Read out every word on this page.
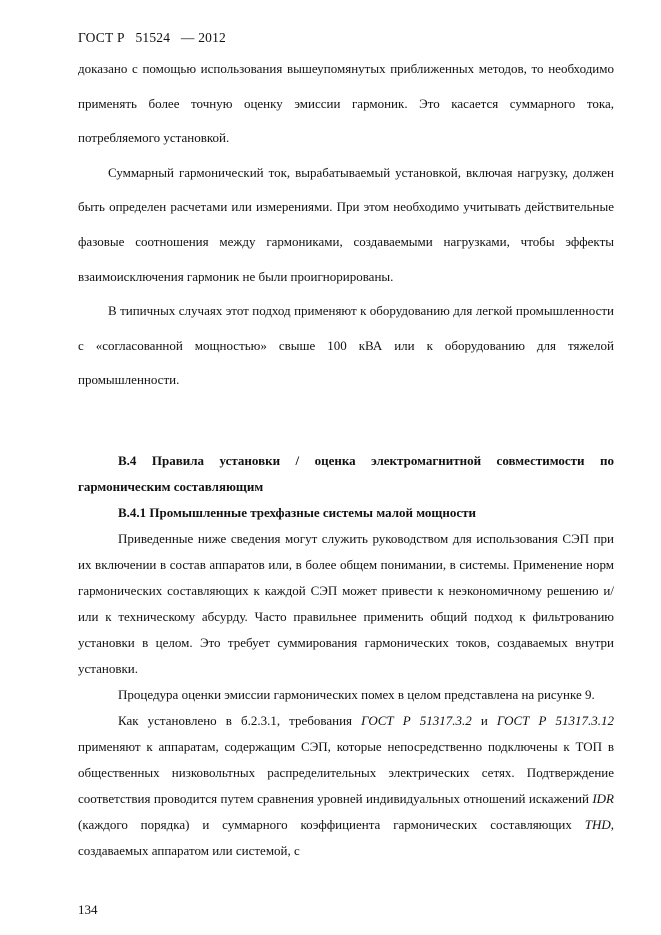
ГОСТ Р   51524   — 2012

доказано с помощью использования вышеупомянутых приближенных методов, то необходимо применять более точную оценку эмиссии гармоник. Это касается суммарного тока, потребляемого установкой.

Суммарный гармонический ток, вырабатываемый установкой, включая нагрузку, должен быть определен расчетами или измерениями. При этом необходимо учитывать действительные фазовые соотношения между гармониками, создаваемыми нагрузками, чтобы эффекты взаимоисключения гармоник не были проигнорированы.

В типичных случаях этот подход применяют к оборудованию для легкой промышленности с «согласованной мощностью» свыше 100 кВА или к оборудованию для тяжелой промышленности.

В.4 Правила установки / оценка электромагнитной совместимости по гармоническим составляющим

В.4.1 Промышленные трехфазные системы малой мощности

Приведенные ниже сведения могут служить руководством для использования СЭП при их включении в состав аппаратов или, в более общем понимании, в системы. Применение норм гармонических составляющих к каждой СЭП может привести к неэкономичному решению и/или к техническому абсурду. Часто правильнее применить общий подход к фильтрованию установки в целом. Это требует суммирования гармонических токов, создаваемых внутри установки.

Процедура оценки эмиссии гармонических помех в целом представлена на рисунке 9.

Как установлено в б.2.3.1, требования ГОСТ Р 51317.3.2 и ГОСТ Р 51317.3.12 применяют к аппаратам, содержащим СЭП, которые непосредственно подключены к ТОП в общественных низковольтных распределительных электрических сетях. Подтверждение соответствия проводится путем сравнения уровней индивидуальных отношений искажений IDR (каждого порядка) и суммарного коэффициента гармонических составляющих THD, создаваемых аппаратом или системой, с

134
